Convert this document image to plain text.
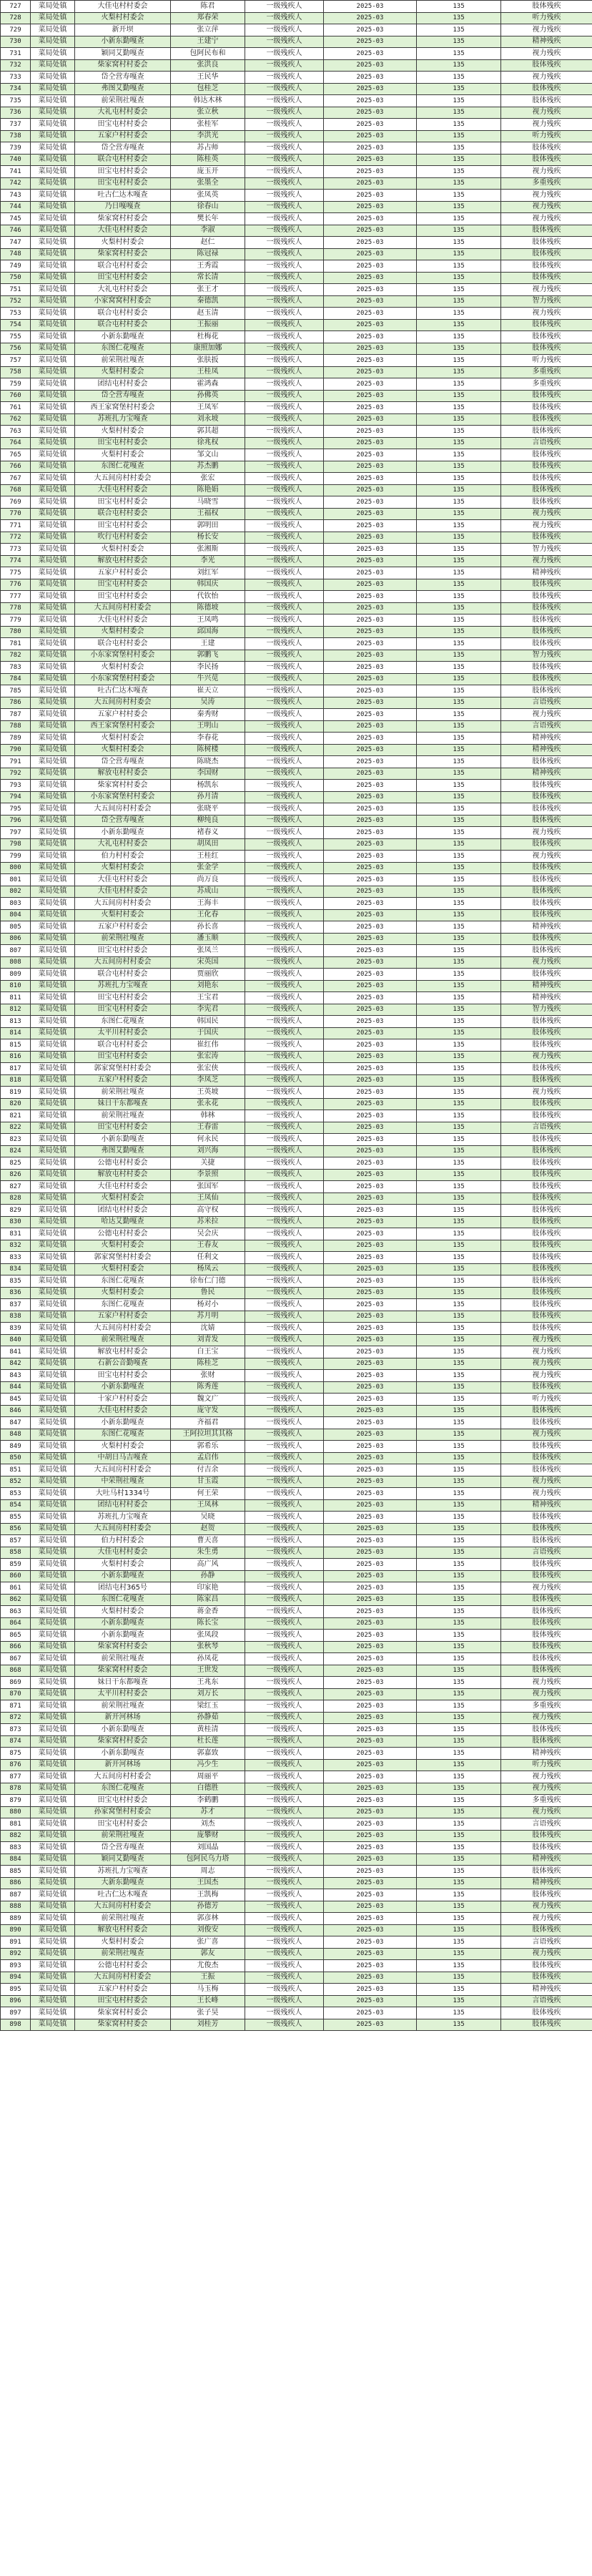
727	菜局处镇	大佳屯村村委会	陈君	一级残疾人	2025-03	135	肢体残疾
728	菜局处镇	火梨村村委会	郑春荣	一级残疾人	2025-03	135	听力残疾
729	菜局处镇	新开坝	张立萍	一级残疾人	2025-03	135	视力残疾
730	菜局处镇	小新东勤嘎查	王建宁	一级残疾人	2025-03	135	精神残疾
731	菜局处镇	颖同艾勤嘎查	包阿民布和	一级残疾人	2025-03	135	视力残疾
732	菜局处镇	柴家窝村村委会	张洪良	一级残疾人	2025-03	135	肢体残疾
733	菜局处镇	岱仝营寿嘎查	王民华	一级残疾人	2025-03	135	视力残疾
734	菜局处镇	弗图艾勤嘎查	包桂芝	一级残疾人	2025-03	135	肢体残疾
735	菜局处镇	前荣荆社嘎查	韩达木林	一级残疾人	2025-03	135	肢体残疾
736	菜局处镇	大礼屯村村委会	张立秋	一级残疾人	2025-03	135	视力残疾
737	菜局处镇	田宝屯村村委会	张桂军	一级残疾人	2025-03	135	视力残疾
738	菜局处镇	五家户村村委会	李洪光	一级残疾人	2025-03	135	听力残疾
739	菜局处镇	岱仝营寿嘎查	苏占师	一级残疾人	2025-03	135	肢体残疾
740	菜局处镇	联合屯村村委会	陈桂英	一级残疾人	2025-03	135	肢体残疾
741	菜局处镇	田宝屯村村委会	庞玉开	一级残疾人	2025-03	135	视力残疾
742	菜局处镇	田宝屯村村委会	张墨全	一级残疾人	2025-03	135	多重残疾
743	菜局处镇	吐古仁达木嘎查	张凤英	一级残疾人	2025-03	135	视力残疾
744	菜局处镇	乃日嘎嘎查	徐春山	一级残疾人	2025-03	135	视力残疾
745	菜局处镇	柴家窝村村委会	樊长年	一级残疾人	2025-03	135	视力残疾
746	菜局处镇	大佳屯村村委会	李淑	一级残疾人	2025-03	135	肢体残疾
747	菜局处镇	火梨村村委会	赵仁	一级残疾人	2025-03	135	肢体残疾
748	菜局处镇	柴家窝村村委会	陈冠禄	一级残疾人	2025-03	135	肢体残疾
749	菜局处镇	联合屯村村委会	王秀霞	一级残疾人	2025-03	135	肢体残疾
750	菜局处镇	田宝屯村村委会	常长清	一级残疾人	2025-03	135	肢体残疾
751	菜局处镇	大礼屯村村委会	张王才	一级残疾人	2025-03	135	视力残疾
752	菜局处镇	小家窝窝村村委会	秦德凯	一级残疾人	2025-03	135	智力残疾
753	菜局处镇	联合屯村村委会	赵玉清	一级残疾人	2025-03	135	视力残疾
754	菜局处镇	联合屯村村委会	王振丽	一级残疾人	2025-03	135	肢体残疾
755	菜局处镇	小新东勤嘎查	杜梅花	一级残疾人	2025-03	135	肢体残疾
756	菜局处镇	东图仁花嘎查	康照加娜	一级残疾人	2025-03	135	肢体残疾
757	菜局处镇	前荣荆社嘎查	张肤扳	一级残疾人	2025-03	135	听力残疾
758	菜局处镇	火梨村村委会	王桂凤	一级残疾人	2025-03	135	多重残疾
759	菜局处镇	团结屯村村委会	霍鸿森	一级残疾人	2025-03	135	多重残疾
760	菜局处镇	岱仝营寿嘎查	孙佛英	一级残疾人	2025-03	135	肢体残疾
761	菜局处镇	西王家窝堡村村委会	王凤军	一级残疾人	2025-03	135	肢体残疾
762	菜局处镇	苏班扎力宝嘎查	刘永坡	一级残疾人	2025-03	135	肢体残疾
763	菜局处镇	火梨村村委会	郭其超	一级残疾人	2025-03	135	肢体残疾
764	菜局处镇	田宝屯村村委会	徐兆权	一级残疾人	2025-03	135	言语残疾
765	菜局处镇	火梨村村委会	邹文山	一级残疾人	2025-03	135	肢体残疾
766	菜局处镇	东图仁花嘎查	苏杰鹏	一级残疾人	2025-03	135	肢体残疾
767	菜局处镇	大五间房村村委会	张宏	一级残疾人	2025-03	135	肢体残疾
768	菜局处镇	大佳屯村村委会	陈艳娟	一级残疾人	2025-03	135	肢体残疾
769	菜局处镇	田宝屯村村委会	马晓雪	一级残疾人	2025-03	135	肢体残疾
770	菜局处镇	联合屯村村委会	王福权	一级残疾人	2025-03	135	视力残疾
771	菜局处镇	田宝屯村村委会	郭明田	一级残疾人	2025-03	135	视力残疾
772	菜局处镇	吹行屯村村委会	杨长安	一级残疾人	2025-03	135	肢体残疾
773	菜局处镇	火梨村村委会	张湘斯	一级残疾人	2025-03	135	智力残疾
774	菜局处镇	解放屯村村委会	李光	一级残疾人	2025-03	135	视力残疾
775	菜局处镇	五家户村村委会	刘红军	一级残疾人	2025-03	135	精神残疾
776	菜局处镇	田宝屯村村委会	韩国庆	一级残疾人	2025-03	135	肢体残疾
777	菜局处镇	田宝屯村村委会	代钦怡	一级残疾人	2025-03	135	肢体残疾
778	菜局处镇	大五间房村村委会	陈德坡	一级残疾人	2025-03	135	肢体残疾
779	菜局处镇	大佳屯村村委会	王凤鸣	一级残疾人	2025-03	135	肢体残疾
780	菜局处镇	火梨村村委会	邱国海	一级残疾人	2025-03	135	肢体残疾
781	菜局处镇	联合屯村村委会	王建	一级残疾人	2025-03	135	肢体残疾
782	菜局处镇	小东家窝堡村村委会	郭鹏飞	一级残疾人	2025-03	135	智力残疾
783	菜局处镇	火梨村村委会	李民扬	一级残疾人	2025-03	135	肢体残疾
784	菜局处镇	小东家窝堡村村委会	牛兴苋	一级残疾人	2025-03	135	肢体残疾
785	菜局处镇	吐古仁达木嘎查	崔天立	一级残疾人	2025-03	135	肢体残疾
786	菜局处镇	大五间房村村委会	吴涛	一级残疾人	2025-03	135	言语残疾
787	菜局处镇	五家户村村委会	秦秀财	一级残疾人	2025-03	135	视力残疾
788	菜局处镇	西王家窝堡村村委会	王明山	一级残疾人	2025-03	135	言语残疾
789	菜局处镇	火梨村村委会	李春花	一级残疾人	2025-03	135	精神残疾
790	菜局处镇	火梨村村委会	陈树楼	一级残疾人	2025-03	135	精神残疾
791	菜局处镇	岱仝营寿嘎查	陈晓杰	一级残疾人	2025-03	135	肢体残疾
792	菜局处镇	解放屯村村委会	李国财	一级残疾人	2025-03	135	精神残疾
793	菜局处镇	柴家窝村村委会	杨凯东	一级残疾人	2025-03	135	肢体残疾
794	菜局处镇	小东家窝堡村村委会	孙月清	一级残疾人	2025-03	135	肢体残疾
795	菜局处镇	大五间房村村委会	张晓平	一级残疾人	2025-03	135	肢体残疾
796	菜局处镇	岱仝营寿嘎查	柳纯良	一级残疾人	2025-03	135	肢体残疾
797	菜局处镇	小新东勤嘎查	褚春义	一级残疾人	2025-03	135	视力残疾
798	菜局处镇	大礼屯村村委会	胡凤田	一级残疾人	2025-03	135	肢体残疾
799	菜局处镇	伯力村村委会	王桂红	一级残疾人	2025-03	135	视力残疾
800	菜局处镇	火梨村村委会	张金学	一级残疾人	2025-03	135	肢体残疾
801	菜局处镇	大佳屯村村委会	尚万良	一级残疾人	2025-03	135	肢体残疾
802	菜局处镇	大佳屯村村委会	苏成山	一级残疾人	2025-03	135	肢体残疾
803	菜局处镇	大五间房村村委会	王海丰	一级残疾人	2025-03	135	肢体残疾
804	菜局处镇	火梨村村委会	王化春	一级残疾人	2025-03	135	肢体残疾
805	菜局处镇	五家户村村委会	孙长喜	一级残疾人	2025-03	135	精神残疾
806	菜局处镇	前荣荆社嘎查	潘玉顺	一级残疾人	2025-03	135	肢体残疾
807	菜局处镇	田宝屯村村委会	张凤兰	一级残疾人	2025-03	135	肢体残疾
808	菜局处镇	大五间房村村委会	宋英国	一级残疾人	2025-03	135	视力残疾
809	菜局处镇	联合屯村村委会	贾丽欣	一级残疾人	2025-03	135	肢体残疾
810	菜局处镇	苏班扎力宝嘎查	刘艳东	一级残疾人	2025-03	135	精神残疾
811	菜局处镇	田宝屯村村委会	王宝君	一级残疾人	2025-03	135	精神残疾
812	菜局处镇	田宝屯村村委会	李宪君	一级残疾人	2025-03	135	智力残疾
813	菜局处镇	东图仁花嘎查	韩国民	一级残疾人	2025-03	135	肢体残疾
814	菜局处镇	太平川村村委会	于国庆	一级残疾人	2025-03	135	肢体残疾
815	菜局处镇	联合屯村村委会	崔红伟	一级残疾人	2025-03	135	肢体残疾
816	菜局处镇	田宝屯村村委会	张宏涛	一级残疾人	2025-03	135	视力残疾
817	菜局处镇	郭家窝堡村村委会	张宏侠	一级残疾人	2025-03	135	肢体残疾
818	菜局处镇	五家户村村委会	李凤芝	一级残疾人	2025-03	135	肢体残疾
819	菜局处镇	前荣荆社嘎查	王英坡	一级残疾人	2025-03	135	视力残疾
820	菜局处镇	妹日干东都嘎查	张永花	一级残疾人	2025-03	135	肢体残疾
821	菜局处镇	前荣荆社嘎查	韩林	一级残疾人	2025-03	135	肢体残疾
822	菜局处镇	田宝屯村村委会	王春雷	一级残疾人	2025-03	135	言语残疾
823	菜局处镇	小新东勤嘎查	何永民	一级残疾人	2025-03	135	肢体残疾
824	菜局处镇	弗图艾勤嘎查	刘兴海	一级残疾人	2025-03	135	肢体残疾
825	菜局处镇	公德屯村村委会	关捷	一级残疾人	2025-03	135	肢体残疾
826	菜局处镇	解放屯村村委会	李景照	一级残疾人	2025-03	135	肢体残疾
827	菜局处镇	大佳屯村村委会	张国军	一级残疾人	2025-03	135	肢体残疾
828	菜局处镇	火梨村村委会	王凤仙	一级残疾人	2025-03	135	肢体残疾
829	菜局处镇	团结屯村村委会	高守权	一级残疾人	2025-03	135	肢体残疾
830	菜局处镇	哈达艾勤嘎查	苏米拉	一级残疾人	2025-03	135	肢体残疾
831	菜局处镇	公德屯村村委会	吴会庆	一级残疾人	2025-03	135	肢体残疾
832	菜局处镇	火梨村村委会	王春友	一级残疾人	2025-03	135	肢体残疾
833	菜局处镇	郭家窝堡村村委会	任利文	一级残疾人	2025-03	135	肢体残疾
834	菜局处镇	火梨村村委会	杨凤云	一级残疾人	2025-03	135	肢体残疾
835	菜局处镇	东图仁花嘎查	徐布仁门德	一级残疾人	2025-03	135	肢体残疾
836	菜局处镇	火梨村村委会	鲁民	一级残疾人	2025-03	135	肢体残疾
837	菜局处镇	东图仁花嘎查	杨对小	一级残疾人	2025-03	135	肢体残疾
838	菜局处镇	五家户村村委会	苏月明	一级残疾人	2025-03	135	肢体残疾
839	菜局处镇	大五间房村村委会	沈婧	一级残疾人	2025-03	135	肢体残疾
840	菜局处镇	前荣荆社嘎查	刘青发	一级残疾人	2025-03	135	视力残疾
841	菜局处镇	解放屯村村委会	白王宝	一级残疾人	2025-03	135	视力残疾
842	菜局处镇	石新公音勤嘎查	陈桂芝	一级残疾人	2025-03	135	视力残疾
843	菜局处镇	田宝屯村村委会	张财	一级残疾人	2025-03	135	视力残疾
844	菜局处镇	小新东勤嘎查	陈秀莲	一级残疾人	2025-03	135	肢体残疾
845	菜局处镇	十家户村村委会	魏文广	一级残疾人	2025-03	135	听力残疾
846	菜局处镇	大佳屯村村委会	庞守发	一级残疾人	2025-03	135	肢体残疾
847	菜局处镇	小新东勤嘎查	齐福君	一级残疾人	2025-03	135	肢体残疾
848	菜局处镇	东图仁花嘎查	王阿拉坦其其格	一级残疾人	2025-03	135	视力残疾
849	菜局处镇	火梨村村委会	郭希乐	一级残疾人	2025-03	135	肢体残疾
850	菜局处镇	中胡日马吉嘎查	孟启伟	一级残疾人	2025-03	135	肢体残疾
851	菜局处镇	大五间房村村委会	付吉余	一级残疾人	2025-03	135	肢体残疾
852	菜局处镇	中荣荆社嘎查	甘玉霞	一级残疾人	2025-03	135	视力残疾
853	菜局处镇	大吐马村1334号	何王荣	一级残疾人	2025-03	135	视力残疾
854	菜局处镇	团结屯村村委会	王凤林	一级残疾人	2025-03	135	精神残疾
855	菜局处镇	苏班扎力宝嘎查	吴晓	一级残疾人	2025-03	135	肢体残疾
856	菜局处镇	大五间房村村委会	赵贺	一级残疾人	2025-03	135	肢体残疾
857	菜局处镇	伯力村村委会	曹天喜	一级残疾人	2025-03	135	肢体残疾
858	菜局处镇	大佳屯村村委会	朱生勇	一级残疾人	2025-03	135	言语残疾
859	菜局处镇	火梨村村委会	高广风	一级残疾人	2025-03	135	肢体残疾
860	菜局处镇	小新东勤嘎查	孙静	一级残疾人	2025-03	135	肢体残疾
861	菜局处镇	团结屯村365号	印家艳	一级残疾人	2025-03	135	视力残疾
862	菜局处镇	东图仁花嘎查	陈家昌	一级残疾人	2025-03	135	肢体残疾
863	菜局处镇	火梨村村委会	蒋金香	一级残疾人	2025-03	135	肢体残疾
864	菜局处镇	小新东勤嘎查	陈长宝	一级残疾人	2025-03	135	肢体残疾
865	菜局处镇	小新东勤嘎查	张凤段	一级残疾人	2025-03	135	肢体残疾
866	菜局处镇	柴家窝村村委会	张秋琴	一级残疾人	2025-03	135	肢体残疾
867	菜局处镇	前荣荆社嘎查	孙凤花	一级残疾人	2025-03	135	肢体残疾
868	菜局处镇	柴家窝村村委会	王世发	一级残疾人	2025-03	135	肢体残疾
869	菜局处镇	妹日干东都嘎查	王兆东	一级残疾人	2025-03	135	视力残疾
870	菜局处镇	太平川村村委会	刘万长	一级残疾人	2025-03	135	视力残疾
871	菜局处镇	前荣荆社嘎查	梁红玉	一级残疾人	2025-03	135	多重残疾
872	菜局处镇	新开河林场	孙静茹	一级残疾人	2025-03	135	视力残疾
873	菜局处镇	小新东勤嘎查	黄桂清	一级残疾人	2025-03	135	肢体残疾
874	菜局处镇	柴家窝村村委会	杜长莲	一级残疾人	2025-03	135	肢体残疾
875	菜局处镇	小新东勤嘎查	郭嘉致	一级残疾人	2025-03	135	精神残疾
876	菜局处镇	新开河林场	冯少生	一级残疾人	2025-03	135	听力残疾
877	菜局处镇	大五间房村村委会	周丽平	一级残疾人	2025-03	135	视力残疾
878	菜局处镇	东图仁花嘎查	白德胜	一级残疾人	2025-03	135	视力残疾
879	菜局处镇	田宝屯村村委会	李鹤鹏	一级残疾人	2025-03	135	多重残疾
880	菜局处镇	孙家窝堡村村委会	苏才	一级残疾人	2025-03	135	视力残疾
881	菜局处镇	田宝屯村村委会	刘杰	一级残疾人	2025-03	135	言语残疾
882	菜局处镇	前荣荆社嘎查	庞攀财	一级残疾人	2025-03	135	肢体残疾
883	菜局处镇	岱仝营寿嘎查	刘国晶	一级残疾人	2025-03	135	肢体残疾
884	菜局处镇	颖同艾勤嘎查	包阿民乌力塔	一级残疾人	2025-03	135	精神残疾
885	菜局处镇	苏班扎力宝嘎查	周志	一级残疾人	2025-03	135	肢体残疾
886	菜局处镇	大新东勤嘎查	王国杰	一级残疾人	2025-03	135	精神残疾
887	菜局处镇	吐古仁达木嘎查	王凯梅	一级残疾人	2025-03	135	肢体残疾
888	菜局处镇	大五间房村村委会	孙德芳	一级残疾人	2025-03	135	视力残疾
889	菜局处镇	前荣荆社嘎查	郭彦林	一级残疾人	2025-03	135	视力残疾
890	菜局处镇	解放屯村村委会	刘俊安	一级残疾人	2025-03	135	肢体残疾
891	菜局处镇	火梨村村委会	张广喜	一级残疾人	2025-03	135	言语残疾
892	菜局处镇	前荣荆社嘎查	郭友	一级残疾人	2025-03	135	视力残疾
893	菜局处镇	公德屯村村委会	尤俊杰	一级残疾人	2025-03	135	肢体残疾
894	菜局处镇	大五间房村村委会	王振	一级残疾人	2025-03	135	肢体残疾
895	菜局处镇	五家户村村委会	马玉梅	一级残疾人	2025-03	135	精神残疾
896	菜局处镇	田宝屯村村委会	王长峰	一级残疾人	2025-03	135	言语残疾
897	菜局处镇	柴家窝村村委会	张子昊	一级残疾人	2025-03	135	肢体残疾
898	菜局处镇	柴家窝村村委会	刘桂芳	一级残疾人	2025-03	135	肢体残疾
